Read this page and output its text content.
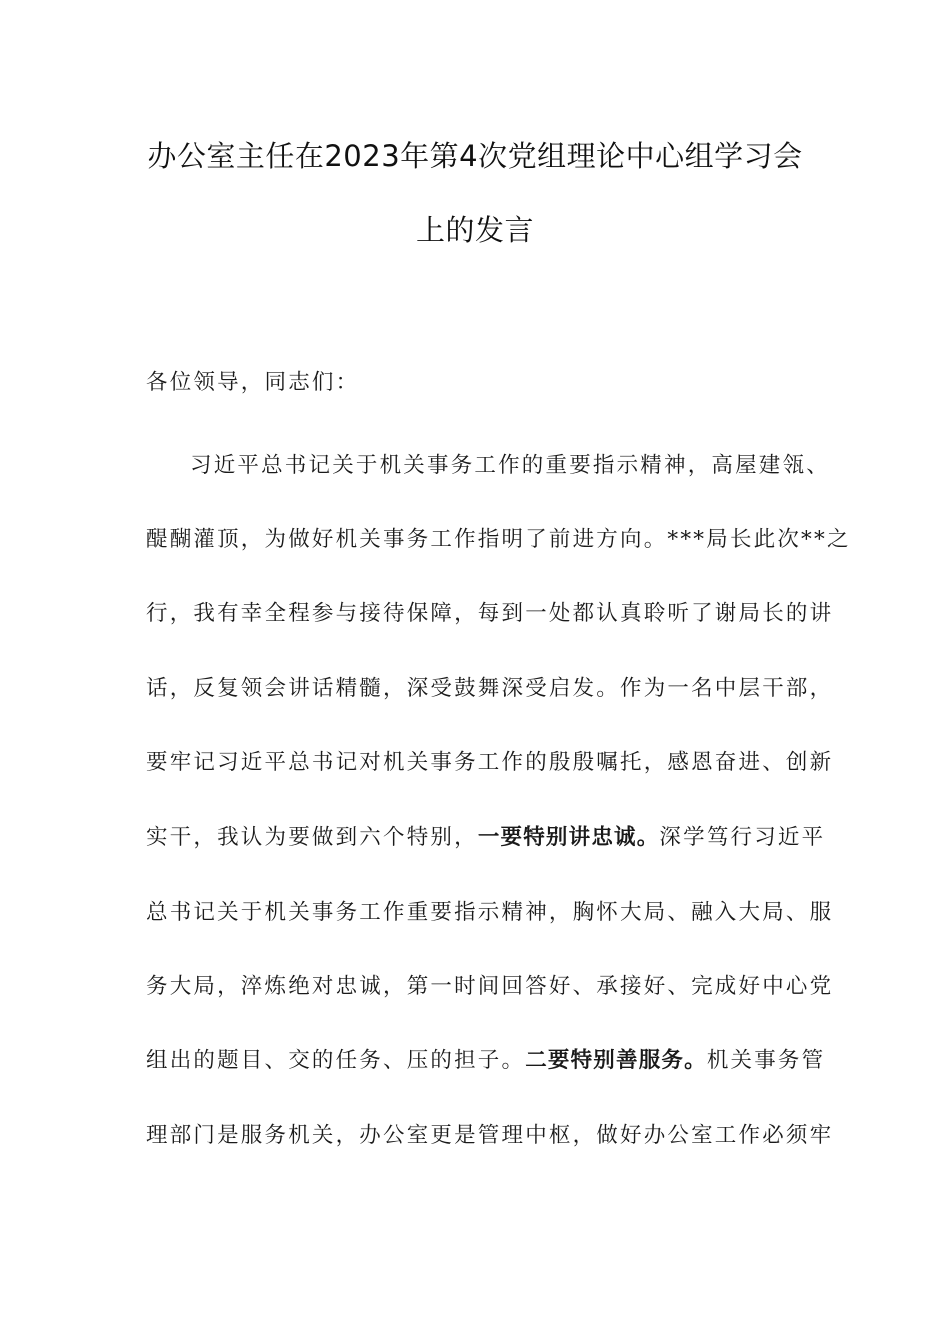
办公室主任在2023年第4次党组理论中心组学习会
上的发言

各位领导，同志们：

习近平总书记关于机关事务工作的重要指示精神，高屋建瓴、

醍醐灌顶，为做好机关事务工作指明了前进方向。***局长此次**之

行，我有幸全程参与接待保障，每到一处都认真聆听了谢局长的讲

话，反复领会讲话精髓，深受鼓舞深受启发。作为一名中层干部，

要牢记习近平总书记对机关事务工作的殷殷嘱托，感恩奋进、创新

实干，我认为要做到六个特别，一要特别讲忠诚。深学笃行习近平

总书记关于机关事务工作重要指示精神，胸怀大局、融入大局、服

务大局，淬炼绝对忠诚，第一时间回答好、承接好、完成好中心党

组出的题目、交的任务、压的担子。二要特别善服务。机关事务管

理部门是服务机关，办公室更是管理中枢，做好办公室工作必须牢
